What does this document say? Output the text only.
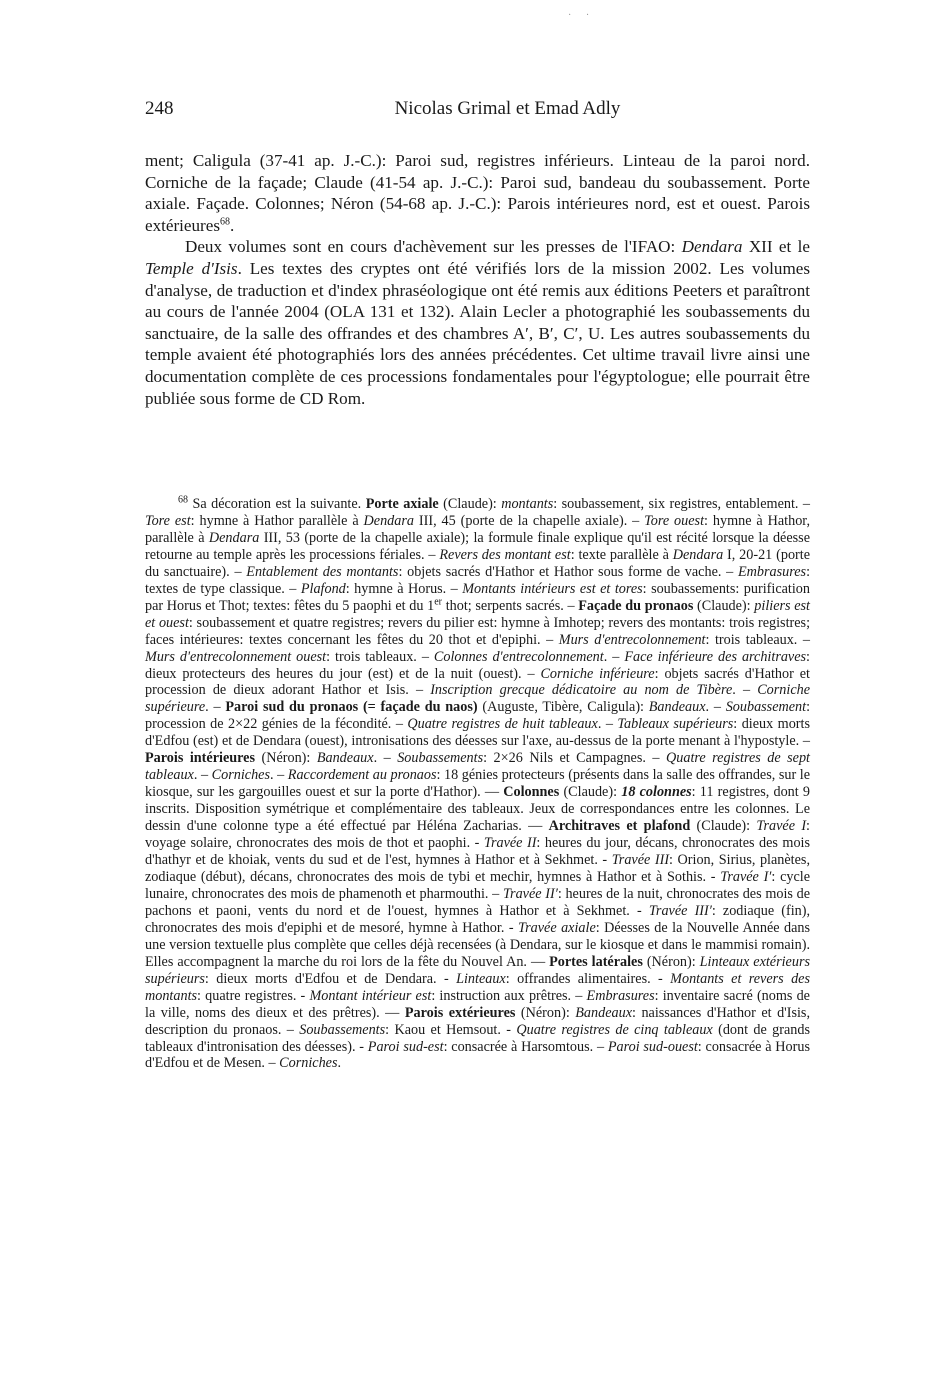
· ·
248	Nicolas Grimal et Emad Adly

ment; Caligula (37-41 ap. J.-C.): Paroi sud, registres inférieurs. Linteau de la paroi nord. Corniche de la façade; Claude (41-54 ap. J.-C.): Paroi sud, bandeau du soubassement. Porte axiale. Façade. Colonnes; Néron (54-68 ap. J.-C.): Parois intérieures nord, est et ouest. Parois extérieures$^{68}$.

Deux volumes sont en cours d'achèvement sur les presses de l'IFAO: Dendara XII et le Temple d'Isis. Les textes des cryptes ont été vérifiés lors de la mission 2002. Les volumes d'analyse, de traduction et d'index phraséologique ont été remis aux éditions Peeters et paraîtront au cours de l'année 2004 (OLA 131 et 132). Alain Lecler a photographié les soubassements du sanctuaire, de la salle des offrandes et des chambres A′, B′, C′, U. Les autres soubassements du temple avaient été photographiés lors des années précédentes. Cet ultime travail livre ainsi une documentation complète de ces processions fondamentales pour l'égyptologue; elle pourrait être publiée sous forme de CD Rom.

$^{68}$ Sa décoration est la suivante. Porte axiale (Claude): montants: soubassement, six registres, entablement. – Tore est: hymne à Hathor parallèle à Dendara III, 45 (porte de la chapelle axiale). – Tore ouest: hymne à Hathor, parallèle à Dendara III, 53 (porte de la chapelle axiale); la formule finale explique qu'il est récité lorsque la déesse retourne au temple après les processions fériales. – Revers des montant est: texte parallèle à Dendara I, 20-21 (porte du sanctuaire). – Entablement des montants: objets sacrés d'Hathor et Hathor sous forme de vache. – Embrasures: textes de type classique. – Plafond: hymne à Horus. – Montants intérieurs est et tores: soubassements: purification par Horus et Thot; textes: fêtes du 5 paophi et du 1er thot; serpents sacrés. – Façade du pronaos (Claude): piliers est et ouest: soubassement et quatre registres; revers du pilier est: hymne à Imhotep; revers des montants: trois registres; faces intérieures: textes concernant les fêtes du 20 thot et d'epiphi. – Murs d'entrecolonnement: trois tableaux. – Murs d'entrecolonnement ouest: trois tableaux. – Colonnes d'entrecolonnement. – Face inférieure des architraves: dieux protecteurs des heures du jour (est) et de la nuit (ouest). – Corniche inférieure: objets sacrés d'Hathor et procession de dieux adorant Hathor et Isis. – Inscription grecque dédicatoire au nom de Tibère. – Corniche supérieure. – Paroi sud du pronaos (= façade du naos) (Auguste, Tibère, Caligula): Bandeaux. – Soubassement: procession de 2×22 génies de la fécondité. – Quatre registres de huit tableaux. – Tableaux supérieurs: dieux morts d'Edfou (est) et de Dendara (ouest), intronisations des déesses sur l'axe, au-dessus de la porte menant à l'hypostyle. – Parois intérieures (Néron): Bandeaux. – Soubassements: 2×26 Nils et Campagnes. – Quatre registres de sept tableaux. – Corniches. – Raccordement au pronaos: 18 génies protecteurs (présents dans la salle des offrandes, sur le kiosque, sur les gargouilles ouest et sur la porte d'Hathor). — Colonnes (Claude): 18 colonnes: 11 registres, dont 9 inscrits. Disposition symétrique et complémentaire des tableaux. Jeux de correspondances entre les colonnes. Le dessin d'une colonne type a été effectué par Héléna Zacharias. — Architraves et plafond (Claude): Travée I: voyage solaire, chronocrates des mois de thot et paophi. - Travée II: heures du jour, décans, chronocrates des mois d'hathyr et de khoiak, vents du sud et de l'est, hymnes à Hathor et à Sekhmet. - Travée III: Orion, Sirius, planètes, zodiaque (début), décans, chronocrates des mois de tybi et mechir, hymnes à Hathor et à Sothis. - Travée I′: cycle lunaire, chronocrates des mois de phamenoth et pharmouthi. – Travée II′: heures de la nuit, chronocrates des mois de pachons et paoni, vents du nord et de l'ouest, hymnes à Hathor et à Sekhmet. - Travée III′: zodiaque (fin), chronocrates des mois d'epiphi et de mesoré, hymne à Hathor. - Travée axiale: Déesses de la Nouvelle Année dans une version textuelle plus complète que celles déjà recensées (à Dendara, sur le kiosque et dans le mammisi romain). Elles accompagnent la marche du roi lors de la fête du Nouvel An. — Portes latérales (Néron): Linteaux extérieurs supérieurs: dieux morts d'Edfou et de Dendara. - Linteaux: offrandes alimentaires. - Montants et revers des montants: quatre registres. - Montant intérieur est: instruction aux prêtres. – Embrasures: inventaire sacré (noms de la ville, noms des dieux et des prêtres). — Parois extérieures (Néron): Bandeaux: naissances d'Hathor et d'Isis, description du pronaos. – Soubassements: Kaou et Hemsout. - Quatre registres de cinq tableaux (dont de grands tableaux d'intronisation des déesses). - Paroi sud-est: consacrée à Harsomtous. – Paroi sud-ouest: consacrée à Horus d'Edfou et de Mesen. – Corniches.
